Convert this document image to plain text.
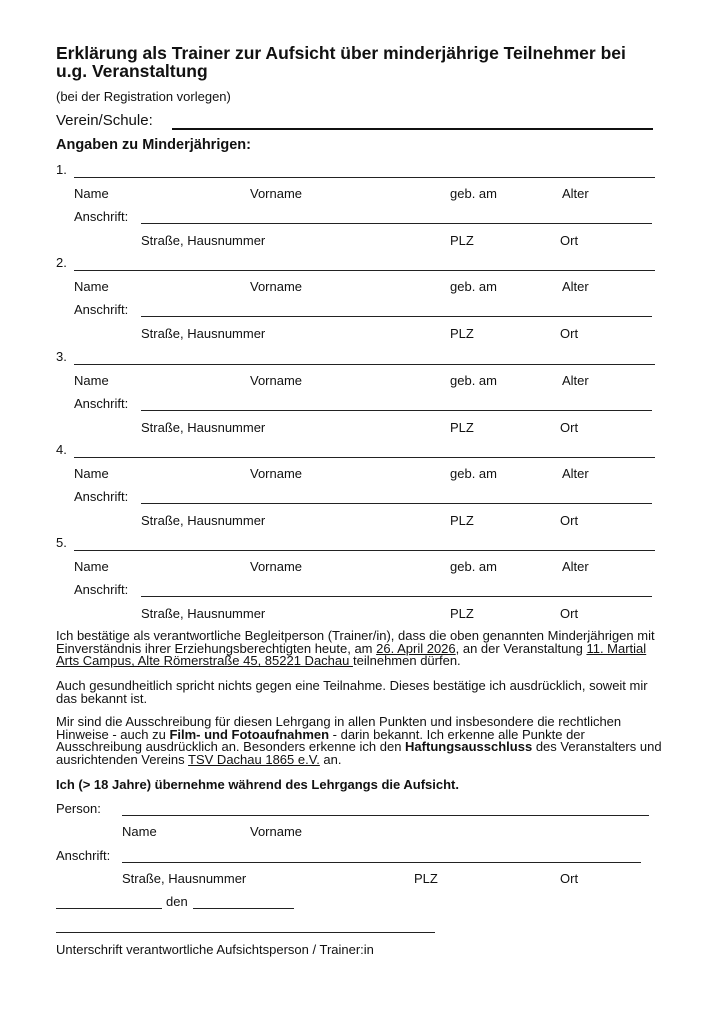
Erklärung als Trainer zur Aufsicht über minderjährige Teilnehmer bei u.g. Veranstaltung
(bei der Registration vorlegen)
Verein/Schule:
Angaben zu Minderjährigen:
1.
Name	Vorname	geb. am	Alter
Anschrift:
Straße, Hausnummer	PLZ	Ort
2.
Name	Vorname	geb. am	Alter
Anschrift:
Straße, Hausnummer	PLZ	Ort
3.
Name	Vorname	geb. am	Alter
Anschrift:
Straße, Hausnummer	PLZ	Ort
4.
Name	Vorname	geb. am	Alter
Anschrift:
Straße, Hausnummer	PLZ	Ort
5.
Name	Vorname	geb. am	Alter
Anschrift:
Straße, Hausnummer	PLZ	Ort
Ich bestätige als verantwortliche Begleitperson (Trainer/in), dass die oben genannten Minderjährigen mit Einverständnis ihrer Erziehungsberechtigten heute, am 26. April 2026, an der Veranstaltung 11. Martial Arts Campus, Alte Römerstraße 45, 85221 Dachau teilnehmen dürfen.
Auch gesundheitlich spricht nichts gegen eine Teilnahme. Dieses bestätige ich ausdrücklich, soweit mir das bekannt ist.
Mir sind die Ausschreibung für diesen Lehrgang in allen Punkten und insbesondere die rechtlichen Hinweise - auch zu Film- und Fotoaufnahmen - darin bekannt. Ich erkenne alle Punkte der Ausschreibung ausdrücklich an. Besonders erkenne ich den Haftungsausschluss des Veranstalters und ausrichtenden Vereins TSV Dachau 1865 e.V. an.
Ich (> 18 Jahre) übernehme während des Lehrgangs die Aufsicht.
Person:
Name	Vorname
Anschrift:
Straße, Hausnummer	PLZ	Ort
den
Unterschrift verantwortliche Aufsichtsperson / Trainer:in
